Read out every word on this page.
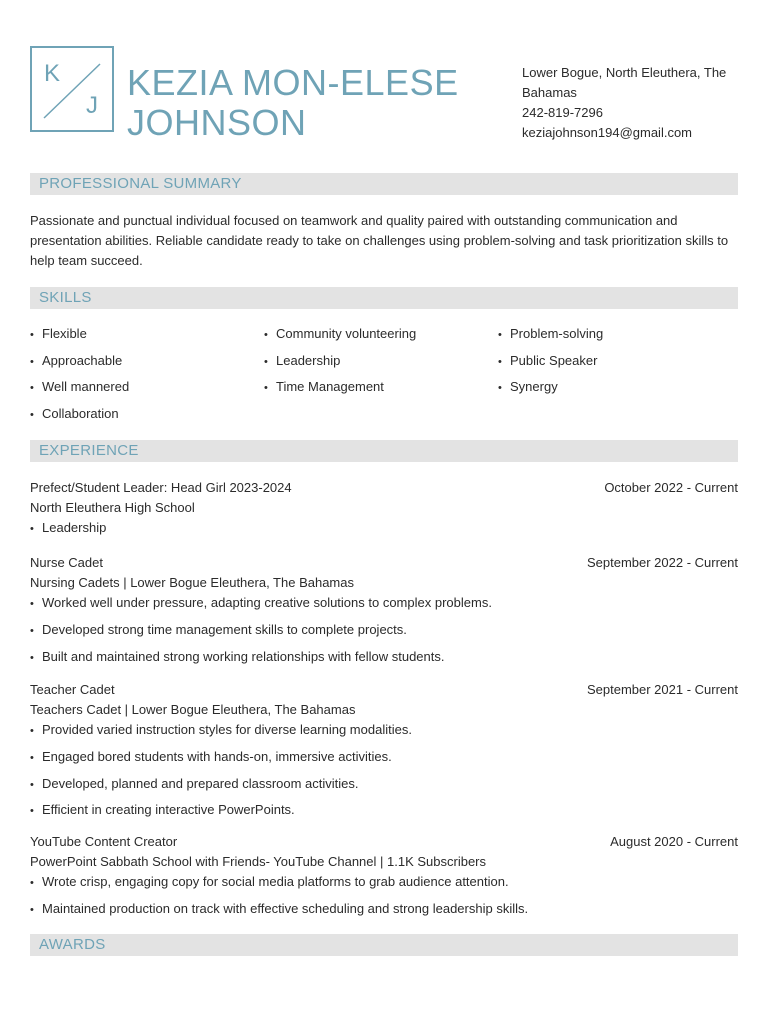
K
J
KEZIA MON-ELESE
JOHNSON
Lower Bogue, North Eleuthera, The
Bahamas
242-819-7296
keziajohnson194@gmail.com
PROFESSIONAL SUMMARY
Passionate and punctual individual focused on teamwork and quality paired with outstanding communication and presentation abilities. Reliable candidate ready to take on challenges using problem-solving and task prioritization skills to help team succeed.
SKILLS
• Flexible
• Approachable
• Well mannered
• Collaboration
• Community volunteering
• Leadership
• Time Management
• Problem-solving
• Public Speaker
• Synergy
EXPERIENCE
Prefect/Student Leader: Head Girl 2023-2024	October 2022 - Current
North Eleuthera High School
• Leadership
Nurse Cadet	September 2022 - Current
Nursing Cadets | Lower Bogue Eleuthera, The Bahamas
• Worked well under pressure, adapting creative solutions to complex problems.
• Developed strong time management skills to complete projects.
• Built and maintained strong working relationships with fellow students.
Teacher Cadet	September 2021 - Current
Teachers Cadet | Lower Bogue Eleuthera, The Bahamas
• Provided varied instruction styles for diverse learning modalities.
• Engaged bored students with hands-on, immersive activities.
• Developed, planned and prepared classroom activities.
• Efficient in creating interactive PowerPoints.
YouTube Content Creator	August 2020 - Current
PowerPoint Sabbath School with Friends- YouTube Channel | 1.1K Subscribers
• Wrote crisp, engaging copy for social media platforms to grab audience attention.
• Maintained production on track with effective scheduling and strong leadership skills.
AWARDS
